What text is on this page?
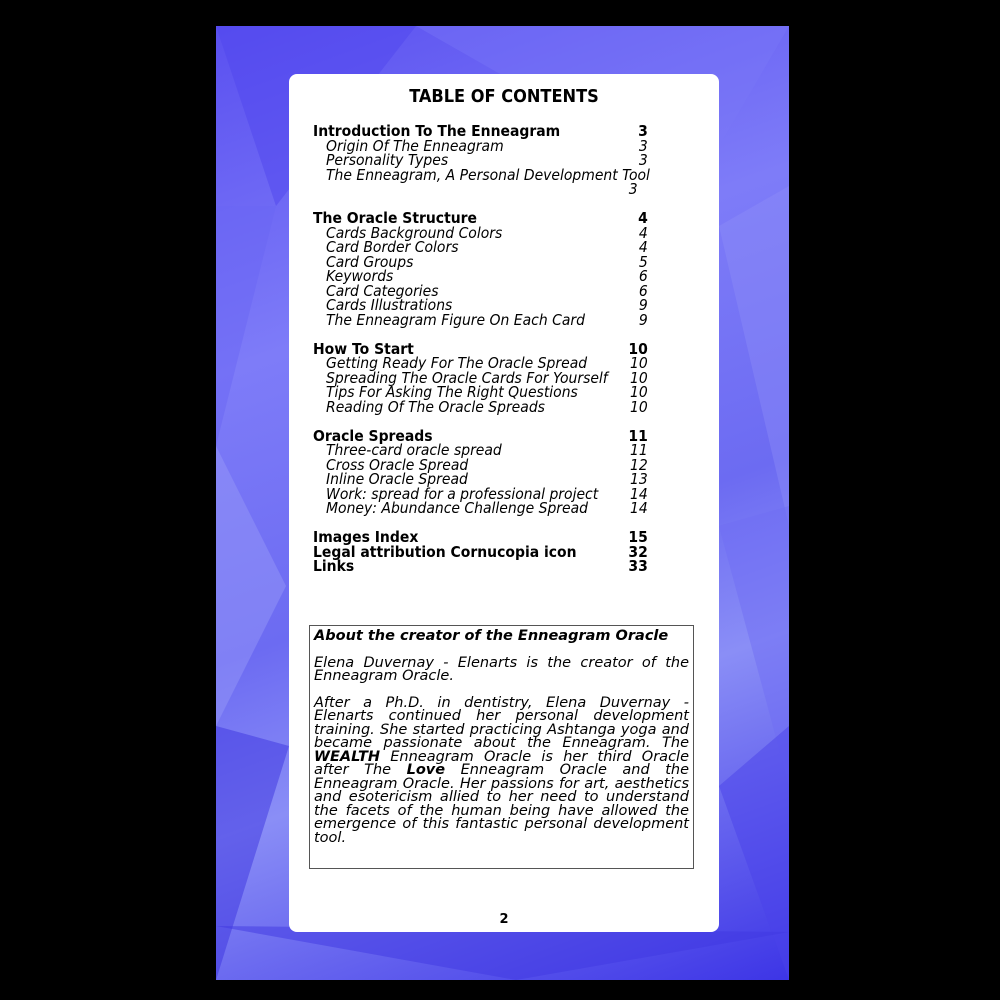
TABLE OF CONTENTS
Introduction To The Enneagram	3
Origin Of The Enneagram	3
Personality Types	3
The Enneagram, A Personal Development Tool
3
The Oracle Structure	4
Cards Background Colors	4
Card Border Colors	4
Card Groups	5
Keywords	6
Card Categories	6
Cards Illustrations	9
The Enneagram Figure On Each Card	9
How To Start	10
Getting Ready For The Oracle Spread	10
Spreading The Oracle Cards For Yourself 10
Tips For Asking The Right Questions	10
Reading Of The Oracle Spreads	10
Oracle Spreads	11
Three-card oracle spread	11
Cross Oracle Spread	12
Inline Oracle Spread	13
Work: spread for a professional project 14
Money: Abundance Challenge Spread	14
Images Index	15
Legal attribution Cornucopia icon	32
Links	33
About the creator of the Enneagram Oracle

Elena Duvernay - Elenarts is the creator of the Enneagram Oracle.

After a Ph.D. in dentistry, Elena Duvernay - Elenarts continued her personal development training. She started practicing Ashtanga yoga and became passionate about the Enneagram. The WEALTH Enneagram Oracle is her third Oracle after The Love Enneagram Oracle and the Enneagram Oracle. Her passions for art, aesthetics and esotericism allied to her need to understand the facets of the human being have allowed the emergence of this fantastic personal development tool.

2
